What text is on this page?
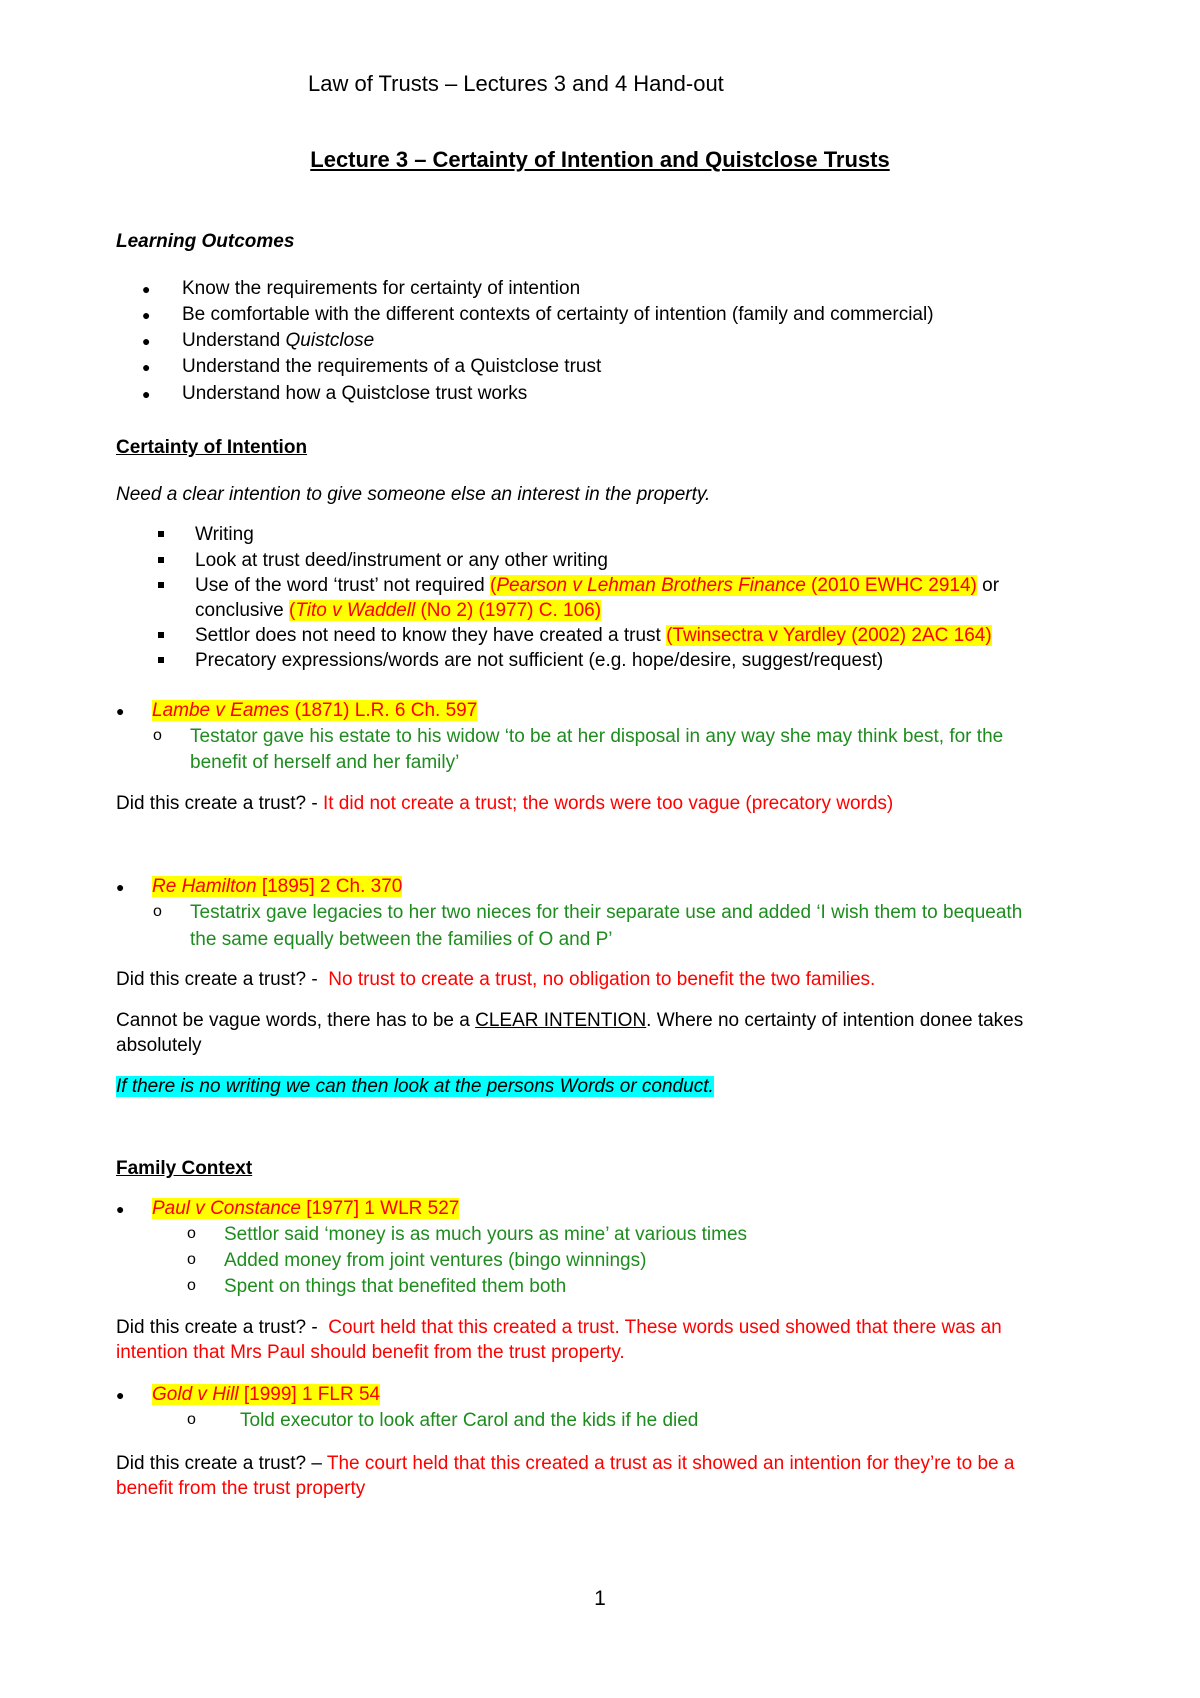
Law of Trusts – Lectures 3 and 4 Hand-out
Lecture 3 – Certainty of Intention and Quistclose Trusts
Learning Outcomes
● Know the requirements for certainty of intention
● Be comfortable with the different contexts of certainty of intention (family and commercial)
● Understand Quistclose
● Understand the requirements of a Quistclose trust
● Understand how a Quistclose trust works
Certainty of Intention
Need a clear intention to give someone else an interest in the property.
Writing
Look at trust deed/instrument or any other writing
Use of the word ‘trust’ not required (Pearson v Lehman Brothers Finance (2010 EWHC 2914) or
conclusive (Tito v Waddell (No 2) (1977) C. 106)
Settlor does not need to know they have created a trust (Twinsectra v Yardley (2002) 2AC 164)
Precatory expressions/words are not sufficient (e.g. hope/desire, suggest/request)
● Lambe v Eames (1871) L.R. 6 Ch. 597
o Testator gave his estate to his widow ‘to be at her disposal in any way she may think best, for the
benefit of herself and her family’
Did this create a trust? - It did not create a trust; the words were too vague (precatory words)
● Re Hamilton [1895] 2 Ch. 370
o Testatrix gave legacies to her two nieces for their separate use and added ‘I wish them to bequeath
the same equally between the families of O and P’
Did this create a trust? -  No trust to create a trust, no obligation to benefit the two families.
Cannot be vague words, there has to be a CLEAR INTENTION. Where no certainty of intention donee takes
absolutely
If there is no writing we can then look at the persons Words or conduct.
Family Context
● Paul v Constance [1977] 1 WLR 527
o Settlor said ‘money is as much yours as mine’ at various times
o Added money from joint ventures (bingo winnings)
o Spent on things that benefited them both
Did this create a trust? -  Court held that this created a trust. These words used showed that there was an
intention that Mrs Paul should benefit from the trust property.
● Gold v Hill [1999] 1 FLR 54
o Told executor to look after Carol and the kids if he died
Did this create a trust? – The court held that this created a trust as it showed an intention for they’re to be a
benefit from the trust property
1
